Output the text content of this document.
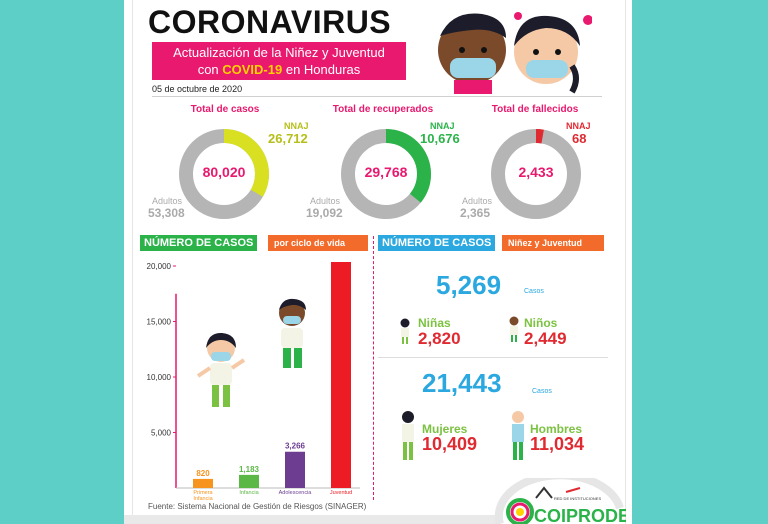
CORONAVIRUS
Actualización de la Niñez y Juventud
con COVID-19 en Honduras
05 de octubre de 2020
Total de casos	Total de recuperados	Total de fallecidos
80,020	29,768	2,433
NNAJ
26,712
NNAJ
10,676
NNAJ
68
Adultos
53,308
Adultos
19,092
Adultos
2,365
NÚMERO DE CASOS	por ciclo de vida	NÚMERO DE CASOS	Niñez y Juventud
20,000
15,000
10,000
5,000
820
Primera
Infancia
1,183
Infancia
3,266
Adolescencia	Juventud
Fuente: Sistema Nacional de Gestión de Riesgos (SINAGER)
5,269	Casos
Niñas
2,820
Niños
2,449
21,443	Casos
Mujeres
10,409
Hombres
11,034
COIPRODE
RED DE INSTITUCIONES
